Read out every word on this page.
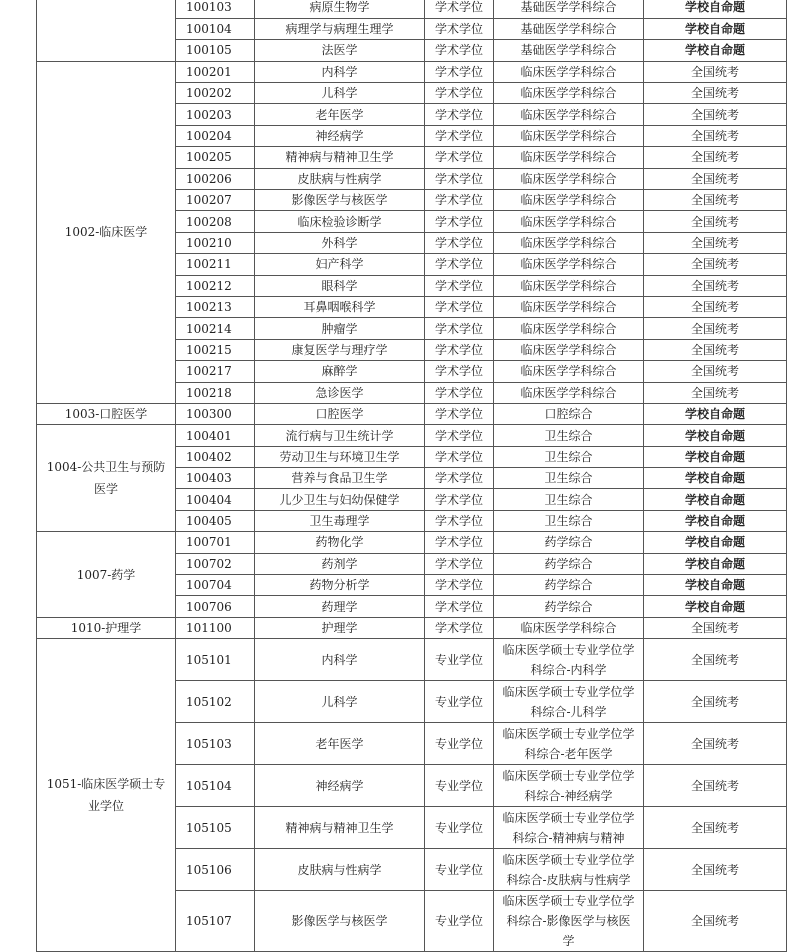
	100103	病原生物学	学术学位	基础医学学科综合	学校自命题
	100104	病理学与病理生理学	学术学位	基础医学学科综合	学校自命题
	100105	法医学	学术学位	基础医学学科综合	学校自命题
1002-临床医学	100201	内科学	学术学位	临床医学学科综合	全国统考
	100202	儿科学	学术学位	临床医学学科综合	全国统考
	100203	老年医学	学术学位	临床医学学科综合	全国统考
	100204	神经病学	学术学位	临床医学学科综合	全国统考
	100205	精神病与精神卫生学	学术学位	临床医学学科综合	全国统考
	100206	皮肤病与性病学	学术学位	临床医学学科综合	全国统考
	100207	影像医学与核医学	学术学位	临床医学学科综合	全国统考
	100208	临床检验诊断学	学术学位	临床医学学科综合	全国统考
	100210	外科学	学术学位	临床医学学科综合	全国统考
	100211	妇产科学	学术学位	临床医学学科综合	全国统考
	100212	眼科学	学术学位	临床医学学科综合	全国统考
	100213	耳鼻咽喉科学	学术学位	临床医学学科综合	全国统考
	100214	肿瘤学	学术学位	临床医学学科综合	全国统考
	100215	康复医学与理疗学	学术学位	临床医学学科综合	全国统考
	100217	麻醉学	学术学位	临床医学学科综合	全国统考
	100218	急诊医学	学术学位	临床医学学科综合	全国统考
1003-口腔医学	100300	口腔医学	学术学位	口腔综合	学校自命题
1004-公共卫生与预防医学	100401	流行病与卫生统计学	学术学位	卫生综合	学校自命题
	100402	劳动卫生与环境卫生学	学术学位	卫生综合	学校自命题
	100403	营养与食品卫生学	学术学位	卫生综合	学校自命题
	100404	儿少卫生与妇幼保健学	学术学位	卫生综合	学校自命题
	100405	卫生毒理学	学术学位	卫生综合	学校自命题
1007-药学	100701	药物化学	学术学位	药学综合	学校自命题
	100702	药剂学	学术学位	药学综合	学校自命题
	100704	药物分析学	学术学位	药学综合	学校自命题
	100706	药理学	学术学位	药学综合	学校自命题
1010-护理学	101100	护理学	学术学位	临床医学学科综合	全国统考
1051-临床医学硕士专业学位	105101	内科学	专业学位	临床医学硕士专业学位学科综合-内科学	全国统考
	105102	儿科学	专业学位	临床医学硕士专业学位学科综合-儿科学	全国统考
	105103	老年医学	专业学位	临床医学硕士专业学位学科综合-老年医学	全国统考
	105104	神经病学	专业学位	临床医学硕士专业学位学科综合-神经病学	全国统考
	105105	精神病与精神卫生学	专业学位	临床医学硕士专业学位学科综合-精神病与精神	全国统考
	105106	皮肤病与性病学	专业学位	临床医学硕士专业学位学科综合-皮肤病与性病学	全国统考
	105107	影像医学与核医学	专业学位	临床医学硕士专业学位学科综合-影像医学与核医学	全国统考
